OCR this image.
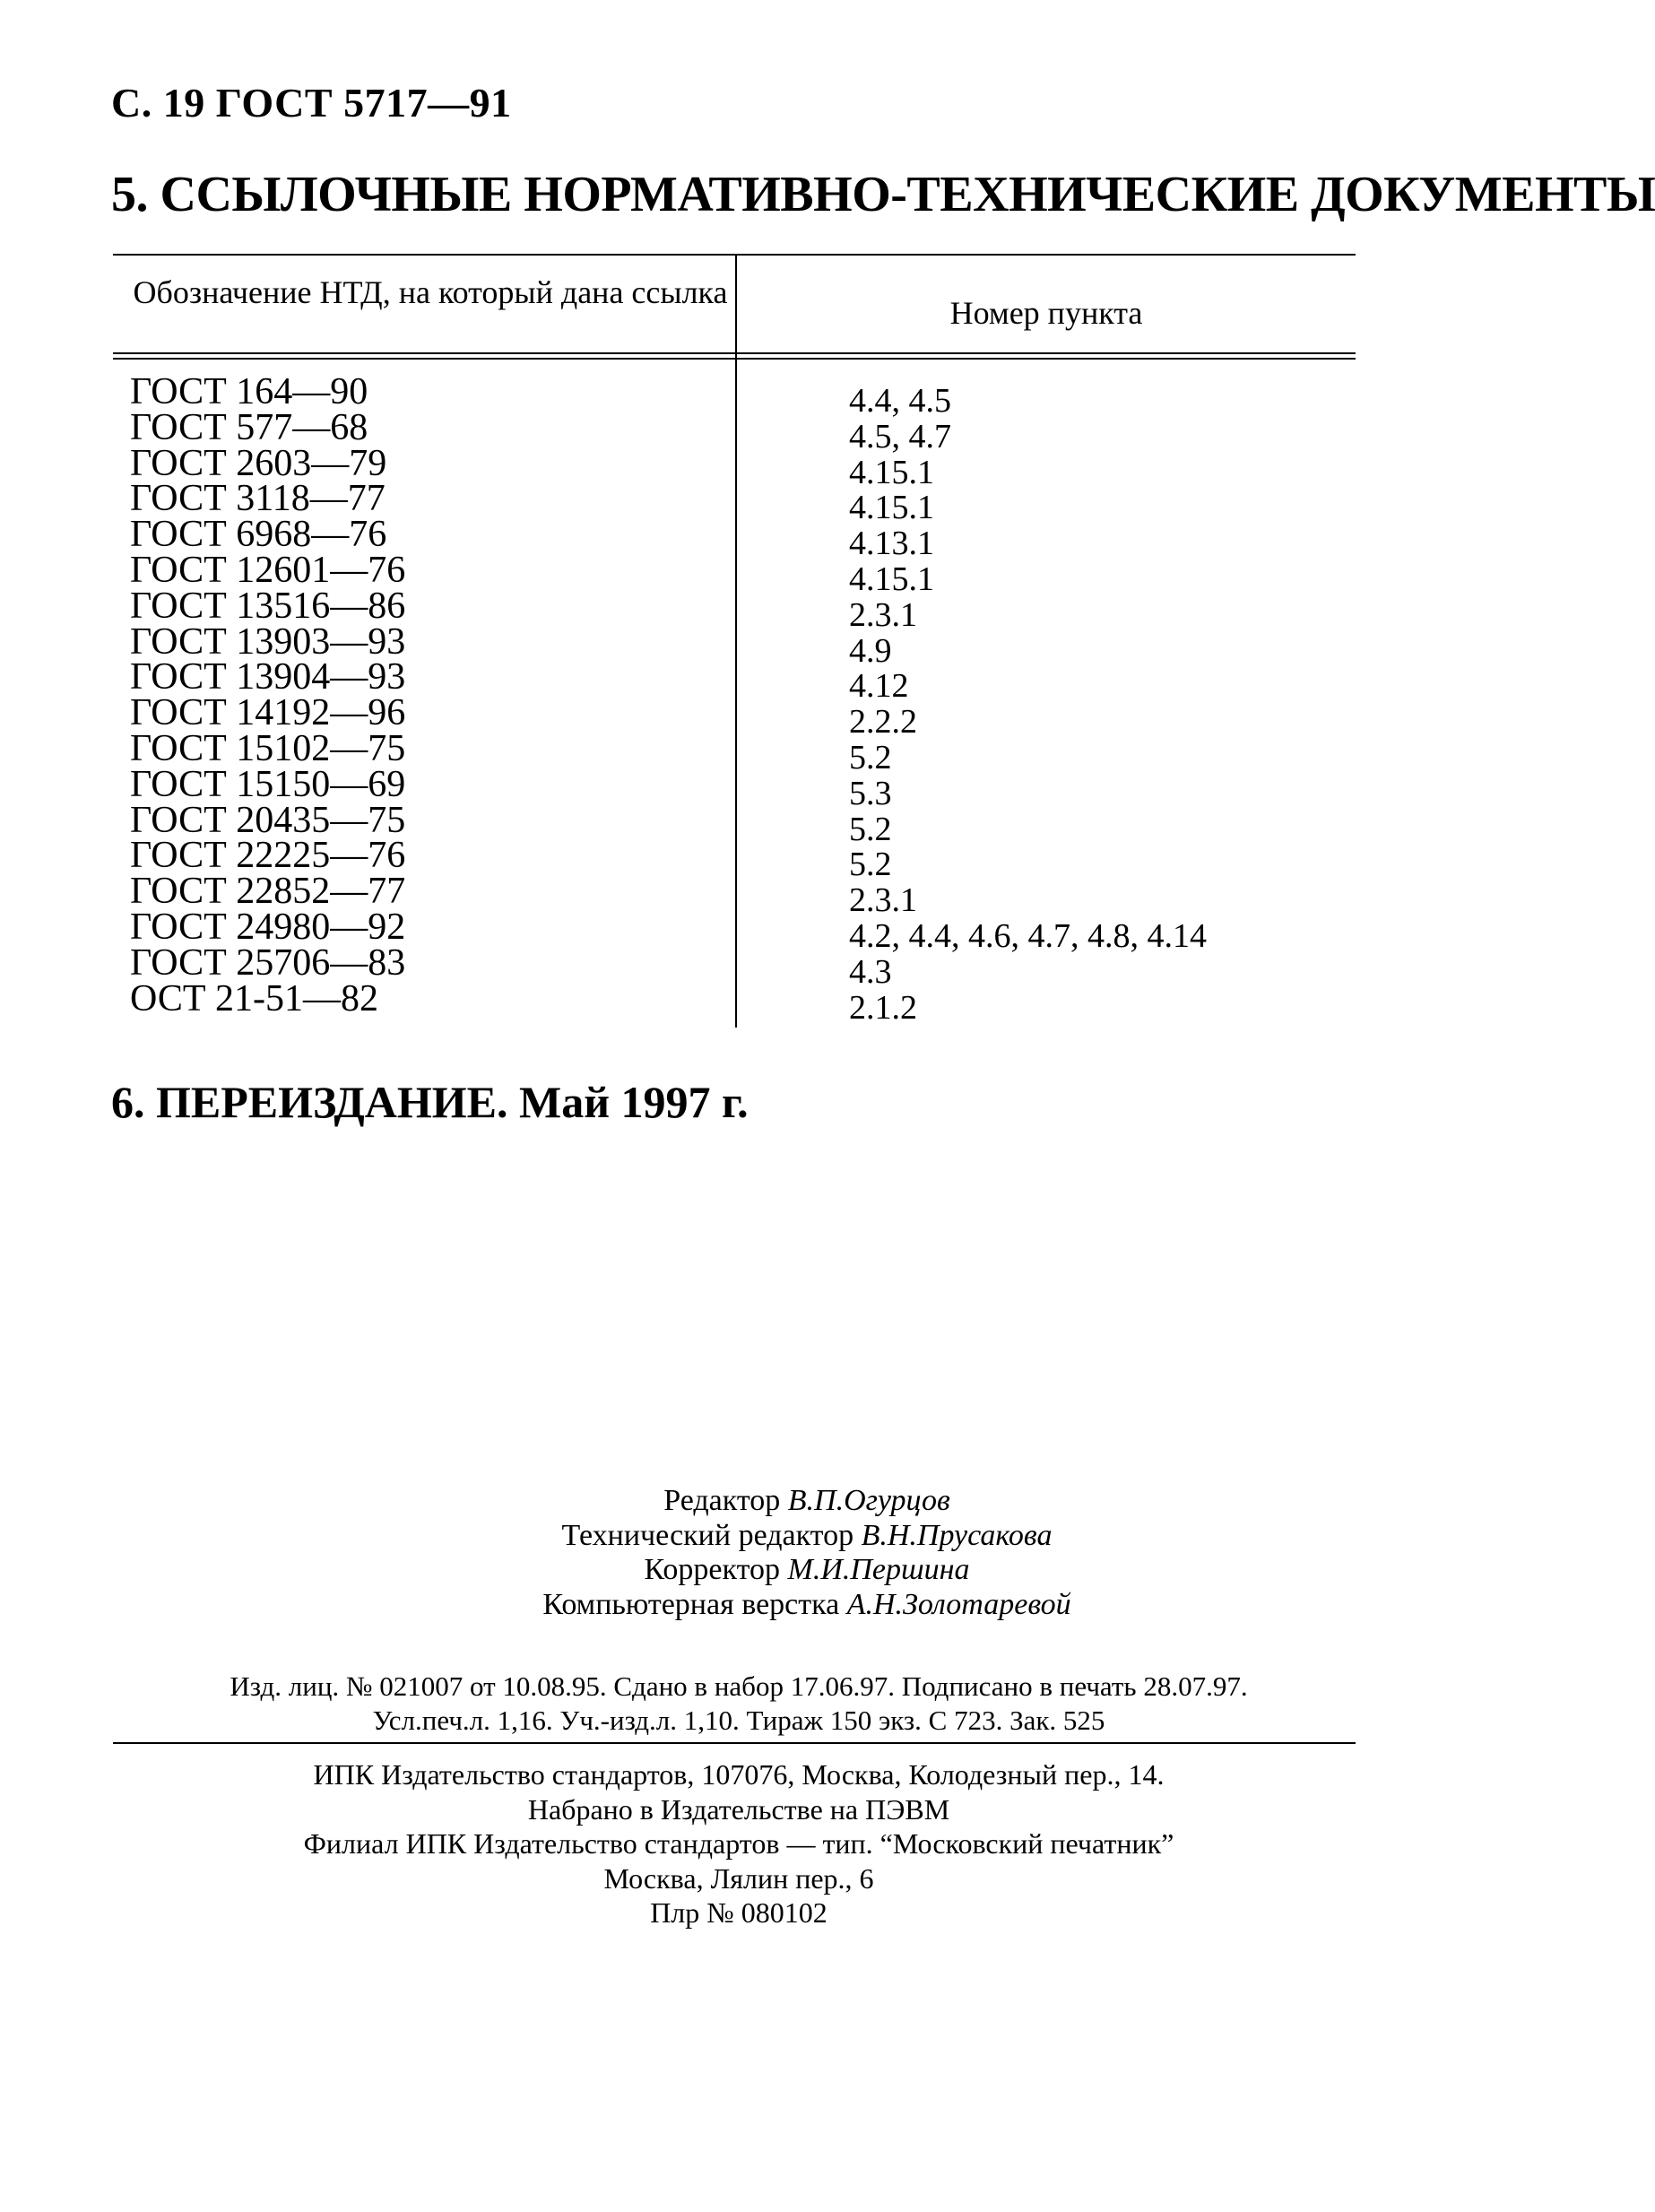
С. 19 ГОСТ 5717—91
5. ССЫЛОЧНЫЕ НОРМАТИВНО-ТЕХНИЧЕСКИЕ ДОКУМЕНТЫ
Обозначение НТД, на который дана ссылка
Номер пункта
ГОСТ 164—90
ГОСТ 577—68
ГОСТ 2603—79
ГОСТ 3118—77
ГОСТ 6968—76
ГОСТ 12601—76
ГОСТ 13516—86
ГОСТ 13903—93
ГОСТ 13904—93
ГОСТ 14192—96
ГОСТ 15102—75
ГОСТ 15150—69
ГОСТ 20435—75
ГОСТ 22225—76
ГОСТ 22852—77
ГОСТ 24980—92
ГОСТ 25706—83
ОСТ 21-51—82
4.4, 4.5
4.5, 4.7
4.15.1
4.15.1
4.13.1
4.15.1
2.3.1
4.9
4.12
2.2.2
5.2
5.3
5.2
5.2
2.3.1
4.2, 4.4, 4.6, 4.7, 4.8, 4.14
4.3
2.1.2
6. ПЕРЕИЗДАНИЕ. Май 1997 г.
Редактор В.П.Огурцов
Технический редактор В.Н.Прусакова
Корректор М.И.Першина
Компьютерная верстка А.Н.Золотаревой
Изд. лиц. № 021007 от 10.08.95. Сдано в набор 17.06.97. Подписано в печать 28.07.97.
Усл.печ.л. 1,16. Уч.-изд.л. 1,10. Тираж 150 экз. С 723. Зак. 525
ИПК Издательство стандартов, 107076, Москва, Колодезный пер., 14.
Набрано в Издательстве на ПЭВМ
Филиал ИПК Издательство стандартов — тип. “Московский печатник”
Москва, Лялин пер., 6
Плр № 080102
